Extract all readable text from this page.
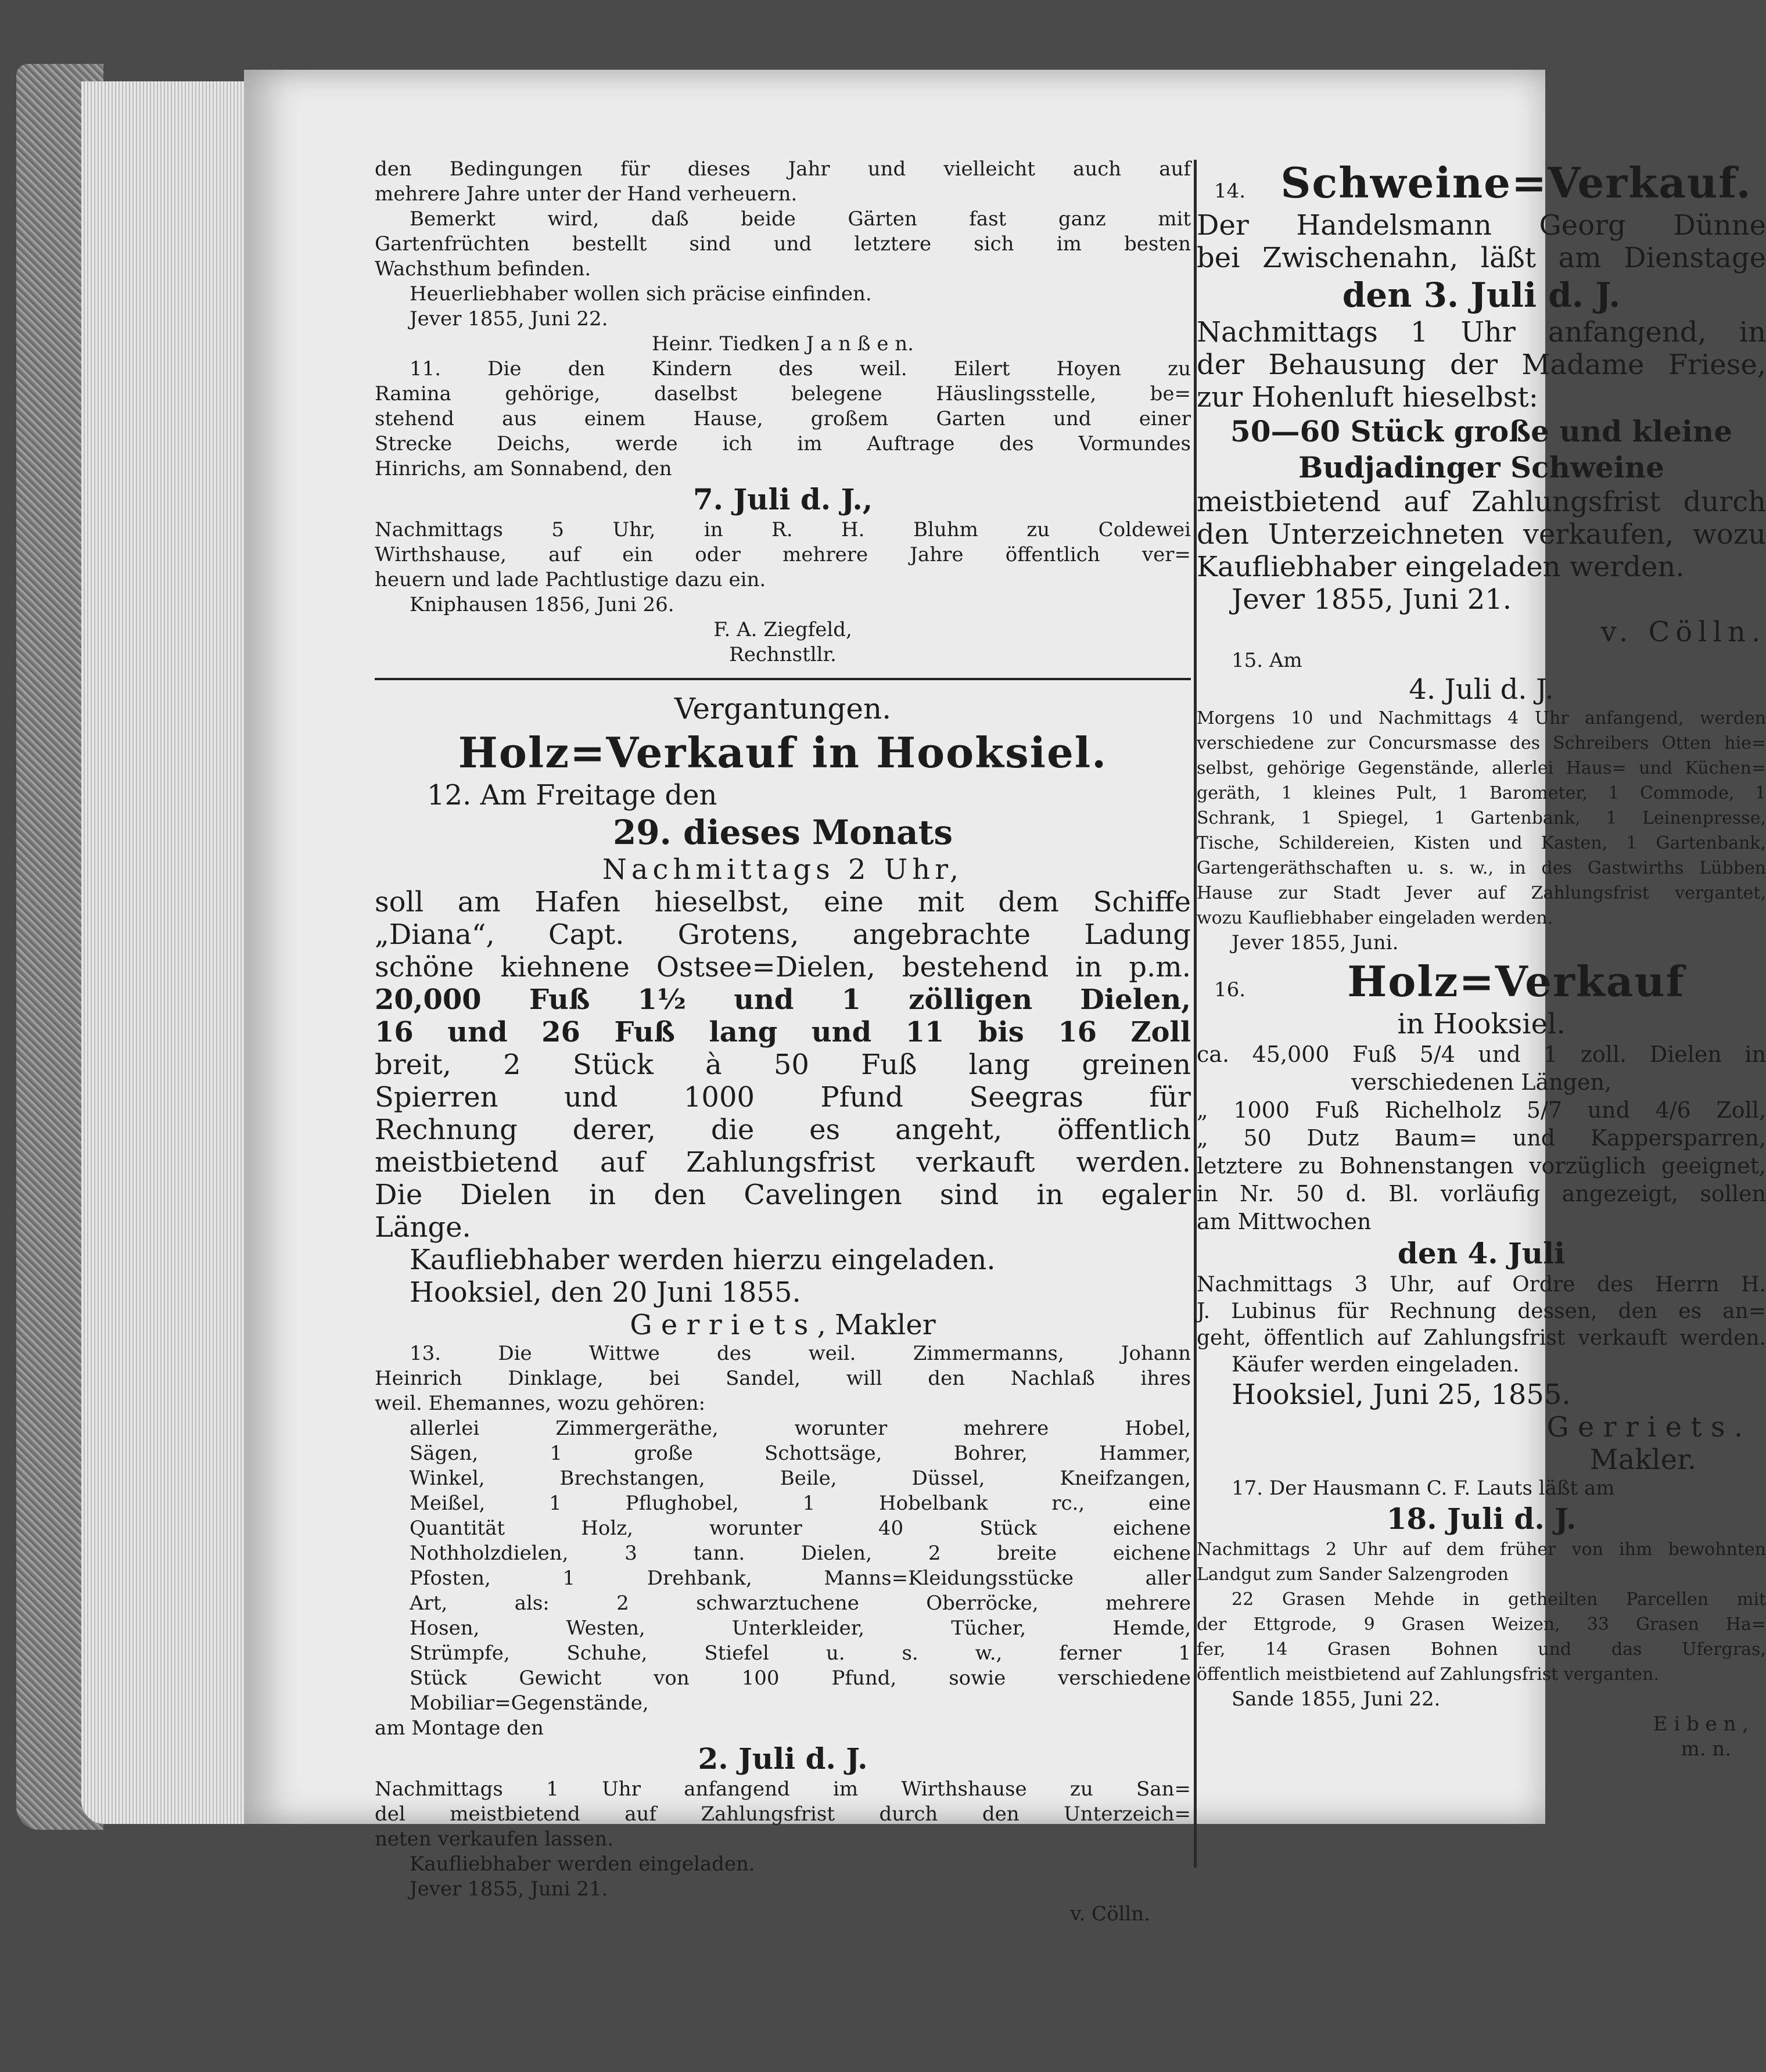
den Bedingungen für dieses Jahr und vielleicht auch auf
mehrere Jahre unter der Hand verheuern.
Bemerkt wird, daß beide Gärten fast ganz mit
Gartenfrüchten bestellt sind und letztere sich im besten
Wachsthum befinden.
Heuerliebhaber wollen sich präcise einfinden.
Jever 1855, Juni 22.
Heinr. Tiedken J a n ß e n.
11. Die den Kindern des weil. Eilert Hoyen zu
Ramina gehörige, daselbst belegene Häuslingsstelle, be=
stehend aus einem Hause, großem Garten und einer
Strecke Deichs, werde ich im Auftrage des Vormundes
Hinrichs, am Sonnabend, den
7. Juli d. J.,
Nachmittags 5 Uhr, in R. H. Bluhm zu Coldewei
Wirthshause, auf ein oder mehrere Jahre öffentlich ver=
heuern und lade Pachtlustige dazu ein.
Kniphausen 1856, Juni 26.
F. A. Ziegfeld,
Rechnstllr.
Vergantungen.
Holz=Verkauf in Hooksiel.
12. Am Freitage den
29. dieses Monats
Nachmittags 2 Uhr,
soll am Hafen hieselbst, eine mit dem Schiffe
„Diana“, Capt. Grotens, angebrachte Ladung
schöne kiehnene Ostsee=Dielen, bestehend in p.m.
20,000 Fuß 1½ und 1 zölligen Dielen,
16 und 26 Fuß lang und 11 bis 16 Zoll
breit, 2 Stück à 50 Fuß lang greinen
Spierren und 1000 Pfund Seegras für
Rechnung derer, die es angeht, öffentlich
meistbietend auf Zahlungsfrist verkauft werden.
Die Dielen in den Cavelingen sind in egaler
Länge.
Kaufliebhaber werden hierzu eingeladen.
Hooksiel, den 20 Juni 1855.
G e r r i e t s , Makler
13. Die Wittwe des weil. Zimmermanns, Johann
Heinrich Dinklage, bei Sandel, will den Nachlaß ihres
weil. Ehemannes, wozu gehören:
allerlei Zimmergeräthe, worunter mehrere Hobel,
Sägen, 1 große Schottsäge, Bohrer, Hammer,
Winkel, Brechstangen, Beile, Düssel, Kneifzangen,
Meißel, 1 Pflughobel, 1 Hobelbank rc., eine
Quantität Holz, worunter 40 Stück eichene
Nothholzdielen, 3 tann. Dielen, 2 breite eichene
Pfosten, 1 Drehbank, Manns=Kleidungsstücke aller
Art, als: 2 schwarztuchene Oberröcke, mehrere
Hosen, Westen, Unterkleider, Tücher, Hemde,
Strümpfe, Schuhe, Stiefel u. s. w., ferner 1
Stück Gewicht von 100 Pfund, sowie verschiedene
Mobiliar=Gegenstände,
am Montage den
2. Juli d. J.
Nachmittags 1 Uhr anfangend im Wirthshause zu San=
del meistbietend auf Zahlungsfrist durch den Unterzeich=
neten verkaufen lassen.
Kaufliebhaber werden eingeladen.
Jever 1855, Juni 21.
v. Cölln.
14. Schweine=Verkauf.
Der Handelsmann Georg Dünne
bei Zwischenahn, läßt am Dienstage
den 3. Juli d. J.
Nachmittags 1 Uhr anfangend, in
der Behausung der Madame Friese,
zur Hohenluft hieselbst:
50—60 Stück große und kleine
Budjadinger Schweine
meistbietend auf Zahlungsfrist durch
den Unterzeichneten verkaufen, wozu
Kaufliebhaber eingeladen werden.
Jever 1855, Juni 21.
v. Cölln.
15. Am
4. Juli d. J.
Morgens 10 und Nachmittags 4 Uhr anfangend, werden
verschiedene zur Concursmasse des Schreibers Otten hie=
selbst, gehörige Gegenstände, allerlei Haus= und Küchen=
geräth, 1 kleines Pult, 1 Barometer, 1 Commode, 1
Schrank, 1 Spiegel, 1 Gartenbank, 1 Leinenpresse,
Tische, Schildereien, Kisten und Kasten, 1 Gartenbank,
Gartengeräthschaften u. s. w., in des Gastwirths Lübben
Hause zur Stadt Jever auf Zahlungsfrist vergantet,
wozu Kaufliebhaber eingeladen werden.
Jever 1855, Juni.
16.	Holz=Verkauf
in Hooksiel.
ca. 45,000 Fuß 5/4 und 1 zoll. Dielen in
verschiedenen Längen,
„ 1000 Fuß Richelholz 5/7 und 4/6 Zoll,
„ 50 Dutz Baum= und Kappersparren,
letztere zu Bohnenstangen vorzüglich geeignet,
in Nr. 50 d. Bl. vorläufig angezeigt, sollen
am Mittwochen
den 4. Juli
Nachmittags 3 Uhr, auf Ordre des Herrn H.
J. Lubinus für Rechnung dessen, den es an=
geht, öffentlich auf Zahlungsfrist verkauft werden.
Käufer werden eingeladen.
Hooksiel, Juni 25, 1855.
G e r r i e t s .
Makler.
17. Der Hausmann C. F. Lauts läßt am
18. Juli d. J.
Nachmittags 2 Uhr auf dem früher von ihm bewohnten
Landgut zum Sander Salzengroden
22 Grasen Mehde in getheilten Parcellen mit
der Ettgrode, 9 Grasen Weizen, 33 Grasen Ha=
fer, 14 Grasen Bohnen und das Ufergras,
öffentlich meistbietend auf Zahlungsfrist verganten.
Sande 1855, Juni 22.
E i b e n ,
m. n.
